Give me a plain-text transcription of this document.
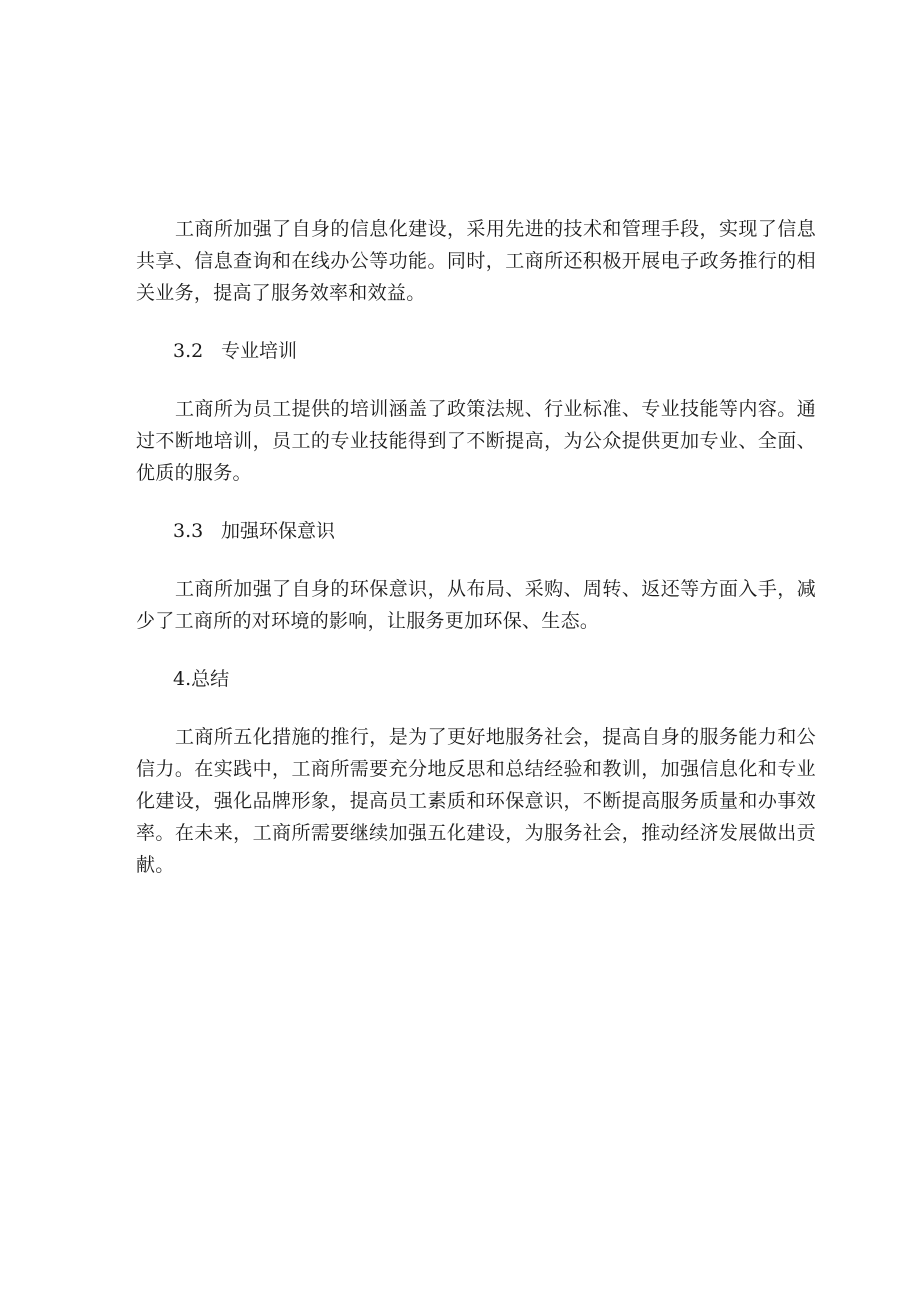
工商所加强了自身的信息化建设，采用先进的技术和管理手段，实现了信息共享、信息查询和在线办公等功能。同时，工商所还积极开展电子政务推行的相关业务，提高了服务效率和效益。

3.2 专业培训

工商所为员工提供的培训涵盖了政策法规、行业标准、专业技能等内容。通过不断地培训，员工的专业技能得到了不断提高，为公众提供更加专业、全面、优质的服务。

3.3 加强环保意识

工商所加强了自身的环保意识，从布局、采购、周转、返还等方面入手，减少了工商所的对环境的影响，让服务更加环保、生态。

4.总结

工商所五化措施的推行，是为了更好地服务社会，提高自身的服务能力和公信力。在实践中，工商所需要充分地反思和总结经验和教训，加强信息化和专业化建设，强化品牌形象，提高员工素质和环保意识，不断提高服务质量和办事效率。在未来，工商所需要继续加强五化建设，为服务社会，推动经济发展做出贡献。
